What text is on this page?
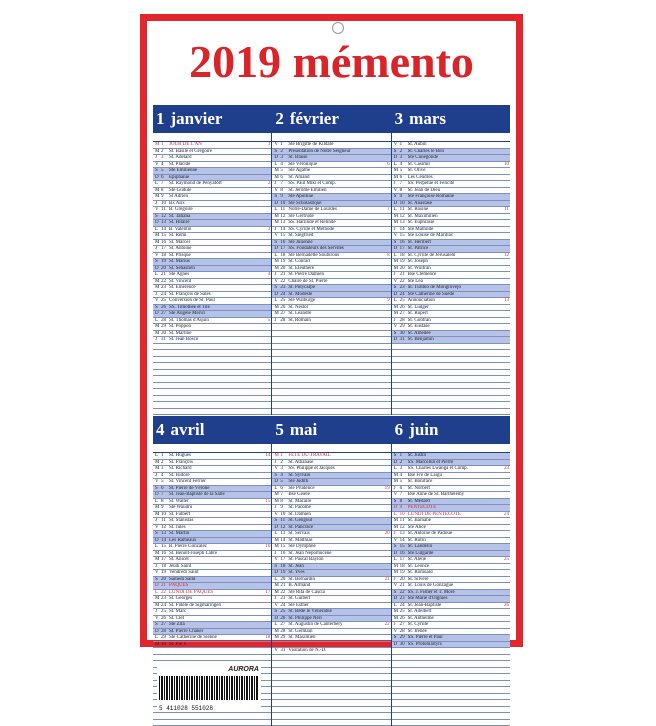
2019 mémento
1 janvier
M 1	JOUR DE L'AN	1
M 2	St. Basile et Grégoire
J 3	St. Adélard
V 4	St. Placide
S 5	Ste Emilienne
D 6	Epiphanie
L 7	St. Raymond de Penyafort	2
M 8	Ste Gudule
M 9	St Adrien
J 10 Bx Alix
V 11 B. Grégoire
S 12 St. Tatiana
D 13 St. Hilaire
L 14 B. Valentin	3
M 15 St. Rémi
M 16 St. Marcel
J 17 St. Antoine
V 18 St. Prisque
S 19 St. Marius
D 20 St. Sébastien
L 21 Ste Agnès	4
M 22 St. Vincent
M 23 St. Emérence
J 24 St. François de Sales
V 25 Conversion de St. Paul
S 26 SS. Timothée et Tite
D 27 Ste Angèle Merici
L 28 St. Thomas d'Aquin	5
M 29 St. Poppon
M 30 St. Martine
J 31 St. Jean Bosco
2 février
V 1	Ste Brigitte de Kildare
S 2	Présentation de Notre Seigneur
D 3	St. Blaise
L 4	Ste Véronique	6
M 5	Ste Agathe
M 6	St. Amand
J 7	SS. Paul Miki et Comp.
V 8	St. Jérôme Emilien
S 9	Ste Apolline
D 10 Ste Scholastique
L 11 Notre-Dame de Lourdes	7
M 12 Ste Gertrude
M 13 SS. Harlinde et Relinde
J 14 SS. Cyrille et Méthode
V 15 St. Siegfried
S 16 Ste Julienne
D 17 SS. Fondateurs des Servites
L 18 Ste Bernadette Soubirous	8
M 19 St. Conrad
M 20 St. Eleuthère
J 21 St. Pierre Damien
V 22 Chaire de St. Pierre
S 23 St. Polycarpe
D 24 St. Modeste
L 25 Ste Walburge	9
M 26 St. Nestor
M 27 St. Léandre
J 28 St. Romain
3 mars
V 1	St. Aubin
S 2	St. Charles le Bon
D 3	Ste Cunégonde
L 4	St. Casimir	10
M 5	St. Olive
M 6	Les Cendres
J 7	SS. Perpétue et Félicité
V 8	St. Jean de Dieu
S 9	Ste Françoise Romaine
D 10 St. Anastase
L 11 St. Rosine	11
M 12 St. Maximilien
M 13 St. Euphrasie
J 14 Ste Mathilde
V 15 Ste Louise de Marillac
S 16 St. Héribert
D 17 St. Patrice
L 18 St. Cyrille de Jérusalem	12
M 19 St. Joseph
M 20 St. Wulfran
J 21 Bse Clémence
V 22 Ste Léa
S 23 St. Turibio de Mongrovejo
D 24 Ste Catherine de Suède
L 25 Annonciation	13
M 26 St. Ludger
M 27 St. Rupert
J 28 St. Gontran
V 29 St. Eustase
S 30 St. Amédée
D 31 St. Benjamin
4 avril
L 1	St. Hugues	14
M 2	St. François
M 3	St. Richard
J 4	St. Isidore
V 5	St. Vincent Ferrier
S 6	St. Pierre de Vérone
D 7	St. Jean-Baptiste de la Salle
L 8	St. Walter	15
M 9	Ste Waudru
M 10 St. Fulbert
J 11 St. Stanislas
V 12 St. Jules
S 13 St. Martin
D 14 Les Rameaux
L 15 B. Pierre Gonzalez	16
M 16 St. Benoît-Joseph Labre
M 17 St. Anicet
J 18 Jeudi Saint
V 19 Vendredi Saint
S 20 Samedi Saint
D 21 PÂQUES
L 22 LUNDI DE PÂQUES	17
M 23 St. Georges
M 24 St. Fidèle de Sigmaringen
J 25 St. Marc
V 26 St. Clet
S 27 Ste Zita
D 28 St. Pierre Chanel
L 29 Ste Catherine de Sienne	18
M 30 St. Pie V
AURORA
5 411028 551028
5 mai
M 1	FÊTE DU TRAVAIL
J 2	St. Athanase
V 3	SS. Philippe et Jacques
S 4	St. Sylvain
D 5	Ste Judith
L 6	Ste Prudence	19
M 7	Bse Gisèle
M 8	St. Macaire
J 9	St. Pacôme
V 10 St. Damien
S 11 St. Gengoul
D 12 St. Pancrace
L 13 St. Servais	20
M 14 St. Matthias
M 15 Ste Dymphne
J 16 St. Jean Népomucène
V 17 St. Pascal Baylon
S 18 St. Jean
D 19 St. Yves
L 20 St. Bernardin	21
M 21 B. Armand
M 22 Ste Rita de Cascia
J 23 St. Guibert
V 24 Ste Esther
S 25 St. Bède le Vénérable
D 26 St. Philippe Néri
L 27 St. Augustin de Canterbéry	22
M 28 St. Germain
M 29 St. Maximien
J 30 ASCENSION
V 31 Visitation de N.-D.
6 juin
S 1	St. Justin
D 2	SS. Marcellin et Pierre
L 3	SS. Charles Lwanga et Comp.	23
M 4	Bse Fre de Laigu
M 5	St. Boniface
J 6	St. Norbert
V 7	Bse Anne de St. Barthélémy
S 8	St. Médard
D 9	PENTECÔTE
L 10 LUNDI DE PENTECÔTE	24
M 11 St. Barnabé
M 12 Ste Alice
J 13 St. Antoine de Padoue
V 14 St. Rufin
S 15 St. Landelin
D 16 Ste Lutgarde
L 17 St. Alène	25
M 18 St. Léonce
M 19 St. Romuald
J 20 St. Silvère
V 21 St. Louis de Gonzague
S 22 SS. J. Fisher et T. More
D 23 Ste Marie d'Oignies
L 24 St. Jean-Baptiste	26
M 25 St. Adelbert
M 26 St. Anthelme
J 27 St. Cyrille
V 28 St. Irénée
S 29 SS. Pierre et Paul
D 30 SS. Protomartyrs
